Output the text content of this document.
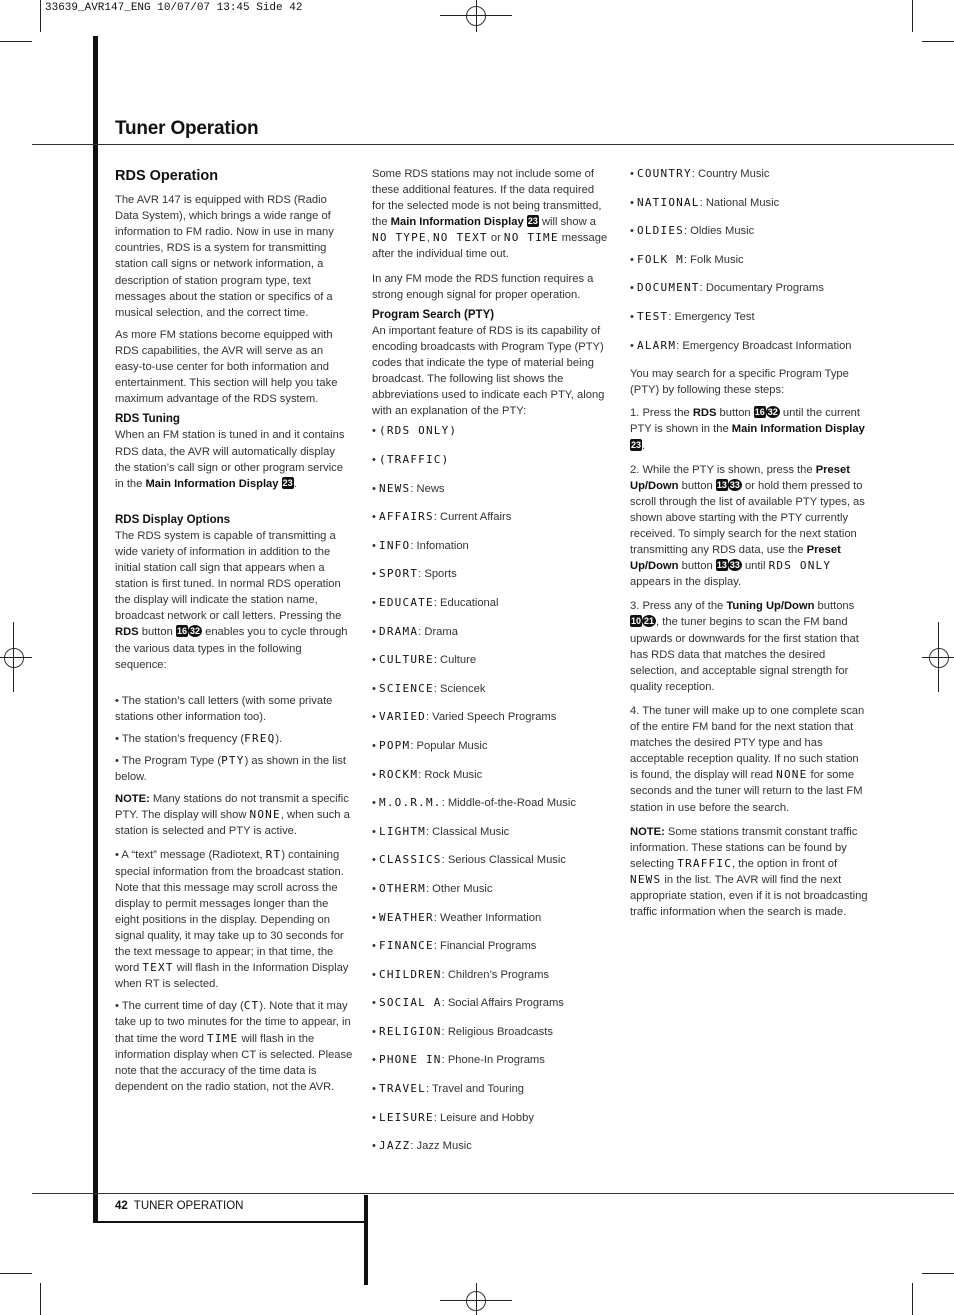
33639_AVR147_ENG 10/07/07 13:45 Side 42
Tuner Operation
RDS Operation

The AVR 147 is equipped with RDS (Radio Data System), which brings a wide range of information to FM radio. Now in use in many countries, RDS is a system for transmitting station call signs or network information, a description of station program type, text messages about the station or specifics of a musical selection, and the correct time.

As more FM stations become equipped with RDS capabilities, the AVR will serve as an easy-to-use center for both information and entertainment. This section will help you take maximum advantage of the RDS system.

RDS Tuning

When an FM station is tuned in and it contains RDS data, the AVR will automatically display the station’s call sign or other program service in the Main Information Display 23.

RDS Display Options

The RDS system is capable of transmitting a wide variety of information in addition to the initial station call sign that appears when a station is first tuned. In normal RDS operation the display will indicate the station name, broadcast network or call letters. Pressing the RDS button 16 32 enables you to cycle through the various data types in the following sequence:

• The station’s call letters (with some private stations other information too).

• The station’s frequency (FREQ).

• The Program Type (PTY) as shown in the list below.

NOTE: Many stations do not transmit a specific PTY. The display will show NONE, when such a station is selected and PTY is active.

• A “text” message (Radiotext, RT) containing special information from the broadcast station. Note that this message may scroll across the display to permit messages longer than the eight positions in the display. Depending on signal quality, it may take up to 30 seconds for the text message to appear; in that time, the word TEXT will flash in the Information Display when RT is selected.

• The current time of day (CT). Note that it may take up to two minutes for the time to appear, in that time the word TIME will flash in the information display when CT is selected. Please note that the accuracy of the time data is dependent on the radio station, not the AVR.

Some RDS stations may not include some of these additional features. If the data required for the selected mode is not being transmitted, the Main Information Display 23 will show a NO TYPE, NO TEXT or NO TIME message after the individual time out.

In any FM mode the RDS function requires a strong enough signal for proper operation.

Program Search (PTY)

An important feature of RDS is its capability of encoding broadcasts with Program Type (PTY) codes that indicate the type of material being broadcast. The following list shows the abbreviations used to indicate each PTY, along with an explanation of the PTY:

• (RDS ONLY)
• (TRAFFIC)
• NEWS: News
• AFFAIRS: Current Affairs
• INFO: Infomation
• SPORT: Sports
• EDUCATE: Educational
• DRAMA: Drama
• CULTURE: Culture
• SCIENCE: Sciencek
• VARIED: Varied Speech Programs
• POPM: Popular Music
• ROCKM: Rock Music
• M.O.R.M.: Middle-of-the-Road Music
• LIGHTM: Classical Music
• CLASSICS: Serious Classical Music
• OTHERM: Other Music
• WEATHER: Weather Information
• FINANCE: Financial Programs
• CHILDREN: Children’s Programs
• SOCIAL A: Social Affairs Programs
• RELIGION: Religious Broadcasts
• PHONE IN: Phone-In Programs
• TRAVEL: Travel and Touring
• LEISURE: Leisure and Hobby
• JAZZ: Jazz Music
• COUNTRY: Country Music
• NATIONAL: National Music
• OLDIES: Oldies Music
• FOLK M: Folk Music
• DOCUMENT: Documentary Programs
• TEST: Emergency Test
• ALARM: Emergency Broadcast Information

You may search for a specific Program Type (PTY) by following these steps:

1. Press the RDS button 16 32 until the current PTY is shown in the Main Information Display 23.

2. While the PTY is shown, press the Preset Up/Down button 13 33 or hold them pressed to scroll through the list of available PTY types, as shown above starting with the PTY currently received. To simply search for the next station transmitting any RDS data, use the Preset Up/Down button 13 33 until RDS ONLY appears in the display.

3. Press any of the Tuning Up/Down buttons 10 21 , the tuner begins to scan the FM band upwards or downwards for the first station that has RDS data that matches the desired selection, and acceptable signal strength for quality reception.

4. The tuner will make up to one complete scan of the entire FM band for the next station that matches the desired PTY type and has acceptable reception quality. If no such station is found, the display will read NONE for some seconds and the tuner will return to the last FM station in use before the search.

NOTE: Some stations transmit constant traffic information. These stations can be found by selecting TRAFFIC, the option in front of NEWS in the list. The AVR will find the next appropriate station, even if it is not broadcasting traffic information when the search is made.

42 TUNER OPERATION
